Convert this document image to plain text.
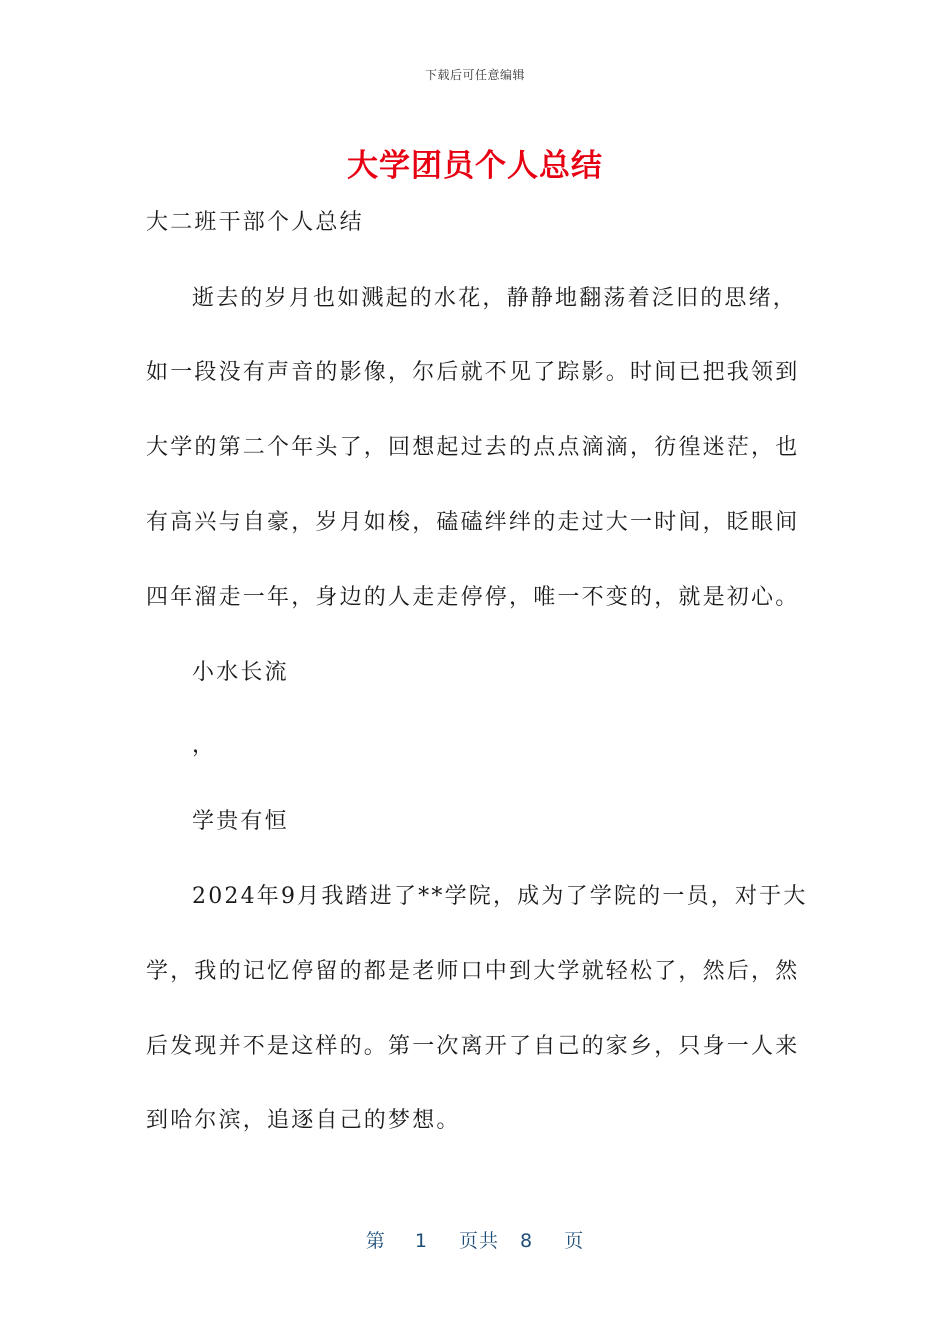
下载后可任意编辑
大学团员个人总结
大二班干部个人总结
逝去的岁月也如溅起的水花，静静地翻荡着泛旧的思绪，
如一段没有声音的影像，尔后就不见了踪影。时间已把我领到
大学的第二个年头了，回想起过去的点点滴滴，彷徨迷茫，也
有高兴与自豪，岁月如梭，磕磕绊绊的走过大一时间，眨眼间
四年溜走一年，身边的人走走停停，唯一不变的，就是初心。
小水长流
，
学贵有恒
2024年9月我踏进了**学院，成为了学院的一员，对于大
学，我的记忆停留的都是老师口中到大学就轻松了，然后，然
后发现并不是这样的。第一次离开了自己的家乡，只身一人来
到哈尔滨，追逐自己的梦想。
第 1 页共 8 页
